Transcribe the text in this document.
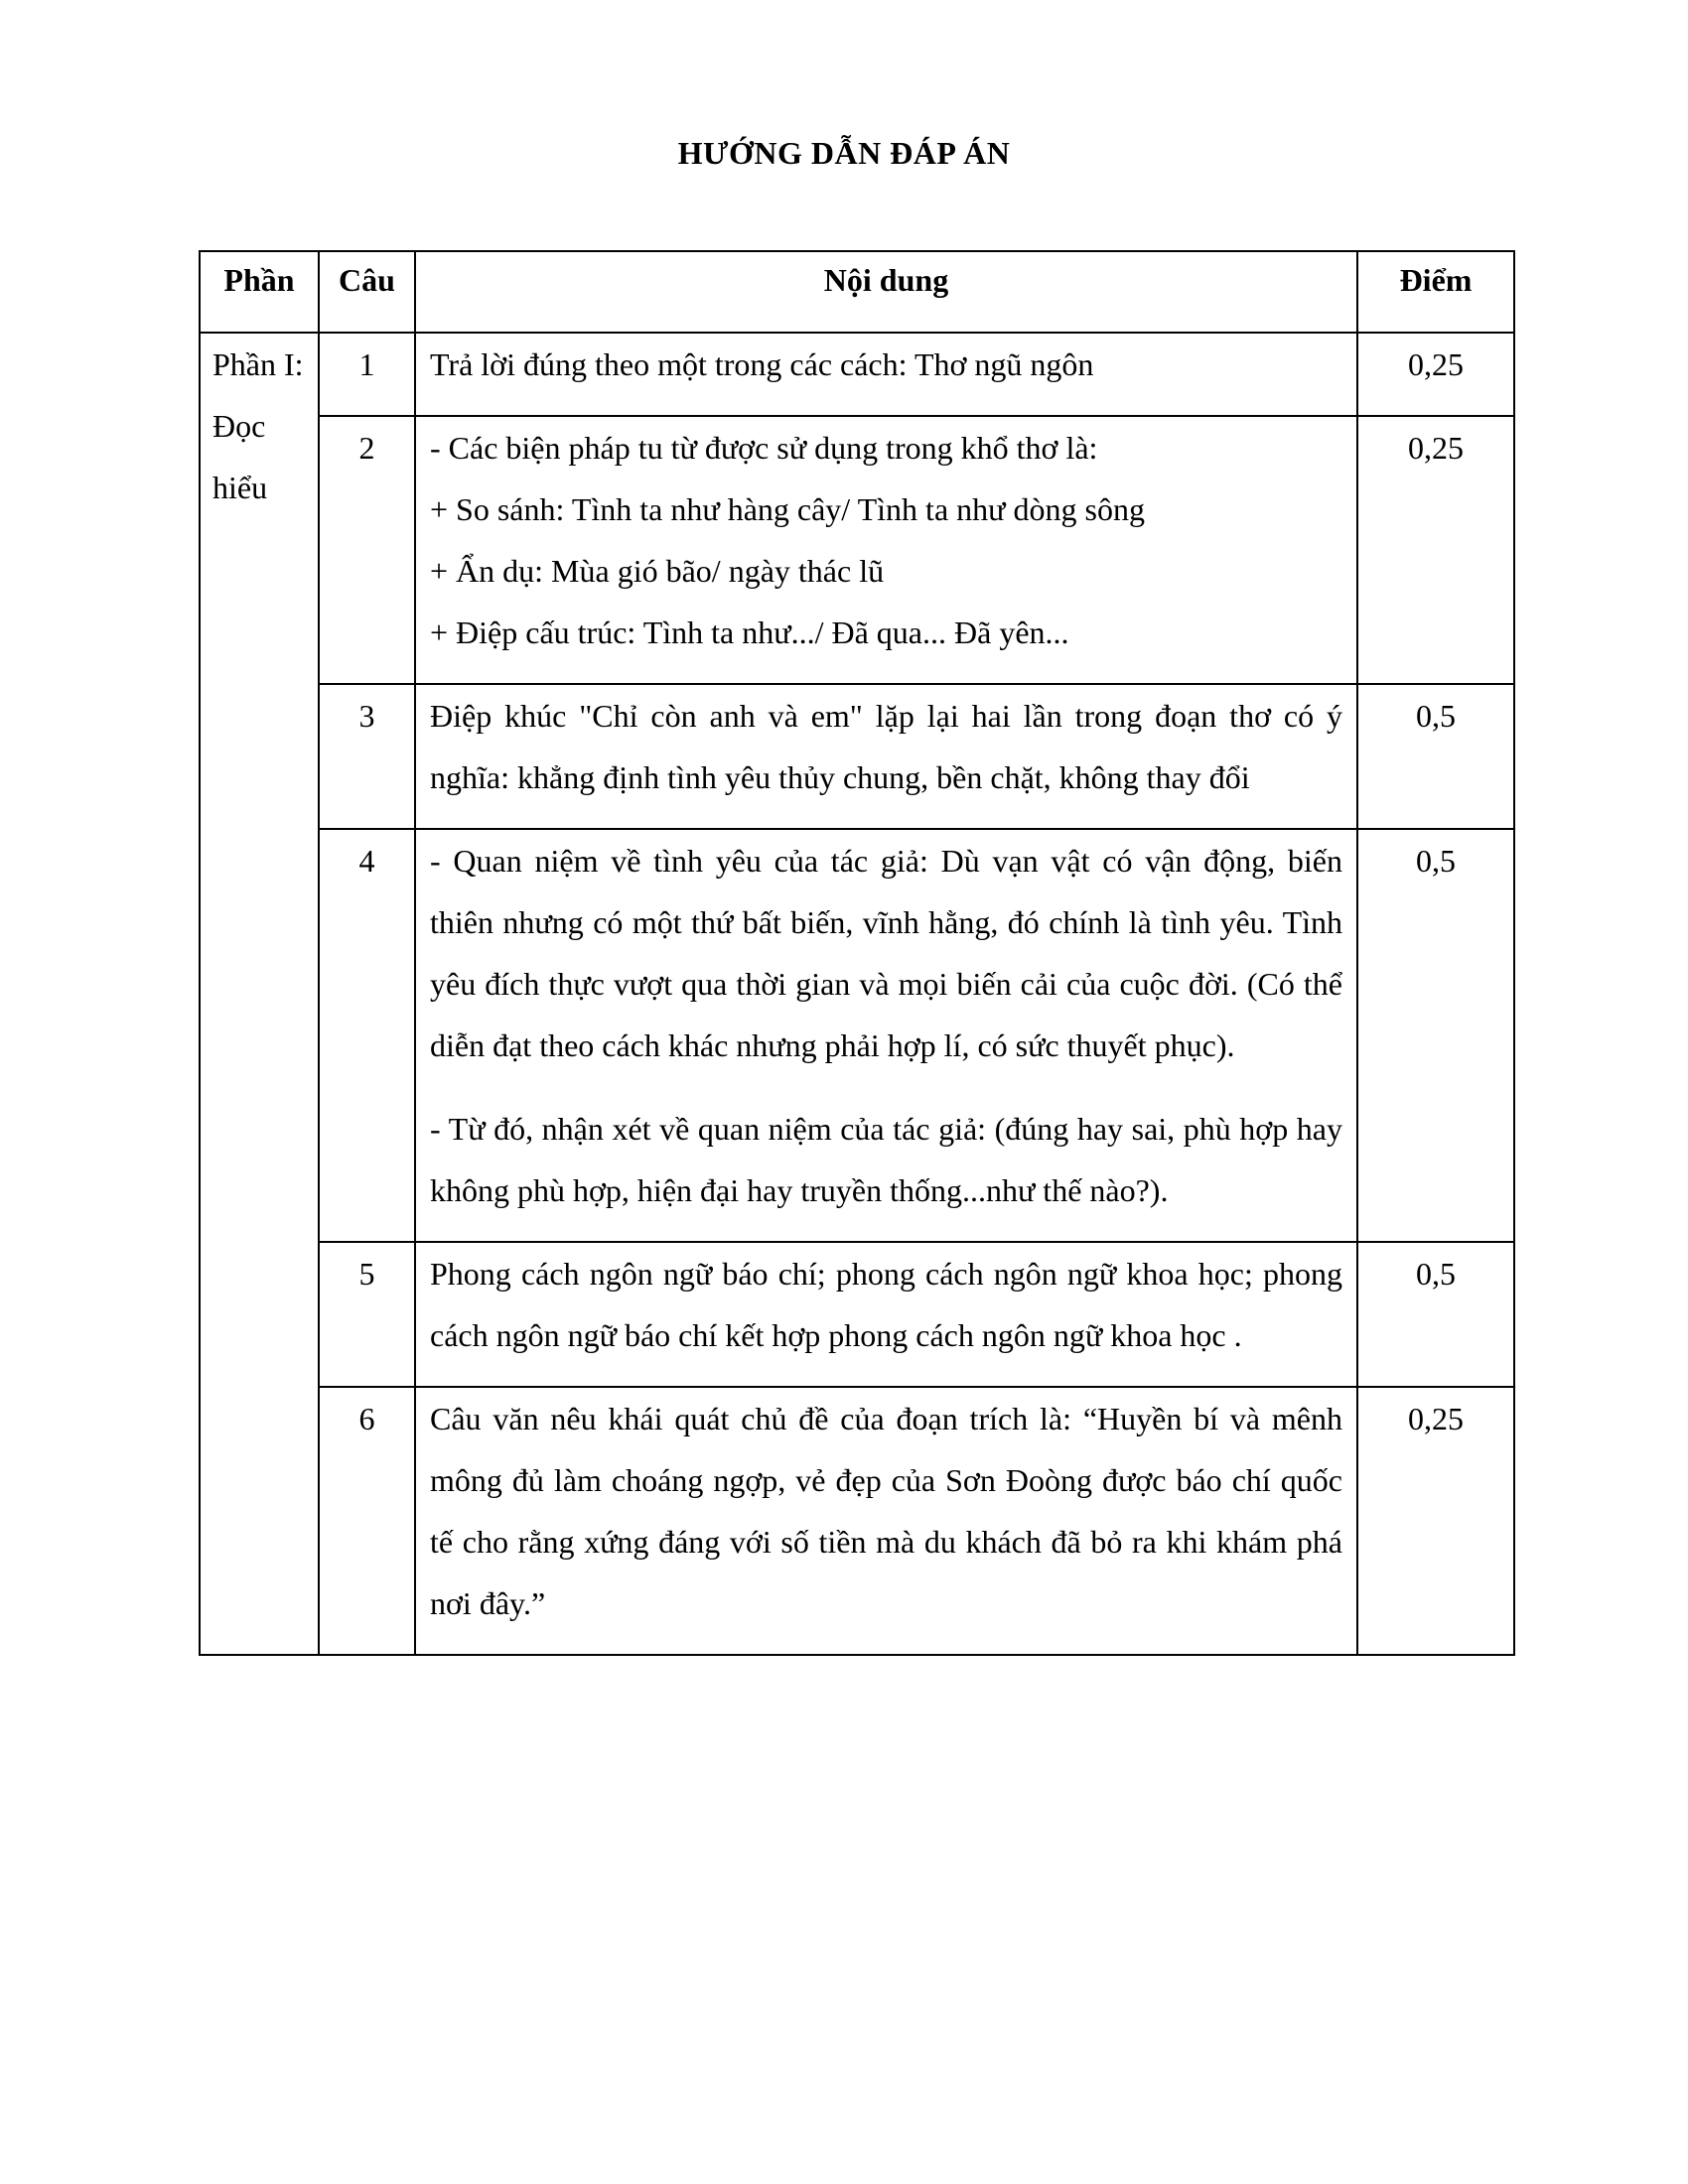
HƯỚNG DẪN ĐÁP ÁN
Phần	Câu	Nội dung	Điểm
Phần I: Đọc hiểu	1	Trả lời đúng theo một trong các cách: Thơ ngũ ngôn	0,25
	2	- Các biện pháp tu từ được sử dụng trong khổ thơ là:

+ So sánh: Tình ta như hàng cây/ Tình ta như dòng sông

+ Ẩn dụ: Mùa gió bão/ ngày thác lũ

+ Điệp cấu trúc: Tình ta như.../ Đã qua... Đã yên...	0,25
	3	Điệp khúc "Chỉ còn anh và em" lặp lại hai lần trong đoạn thơ có ý nghĩa: khẳng định tình yêu thủy chung, bền chặt, không thay đổi	0,5
	4	- Quan niệm về tình yêu của tác giả: Dù vạn vật có vận động, biến thiên nhưng có một thứ bất biến, vĩnh hằng, đó chính là tình yêu. Tình yêu đích thực vượt qua thời gian và mọi biến cải của cuộc đời. (Có thể diễn đạt theo cách khác nhưng phải hợp lí, có sức thuyết phục).

- Từ đó, nhận xét về quan niệm của tác giả: (đúng hay sai, phù hợp hay không phù hợp, hiện đại hay truyền thống...như thế nào?).	0,5
	5	Phong cách ngôn ngữ báo chí; phong cách ngôn ngữ khoa học; phong cách ngôn ngữ báo chí kết hợp phong cách ngôn ngữ khoa học .	0,5
	6	Câu văn nêu khái quát chủ đề của đoạn trích là: “Huyền bí và mênh mông đủ làm choáng ngợp, vẻ đẹp của Sơn Đoòng được báo chí quốc tế cho rằng xứng đáng với số tiền mà du khách đã bỏ ra khi khám phá nơi đây.”	0,25
